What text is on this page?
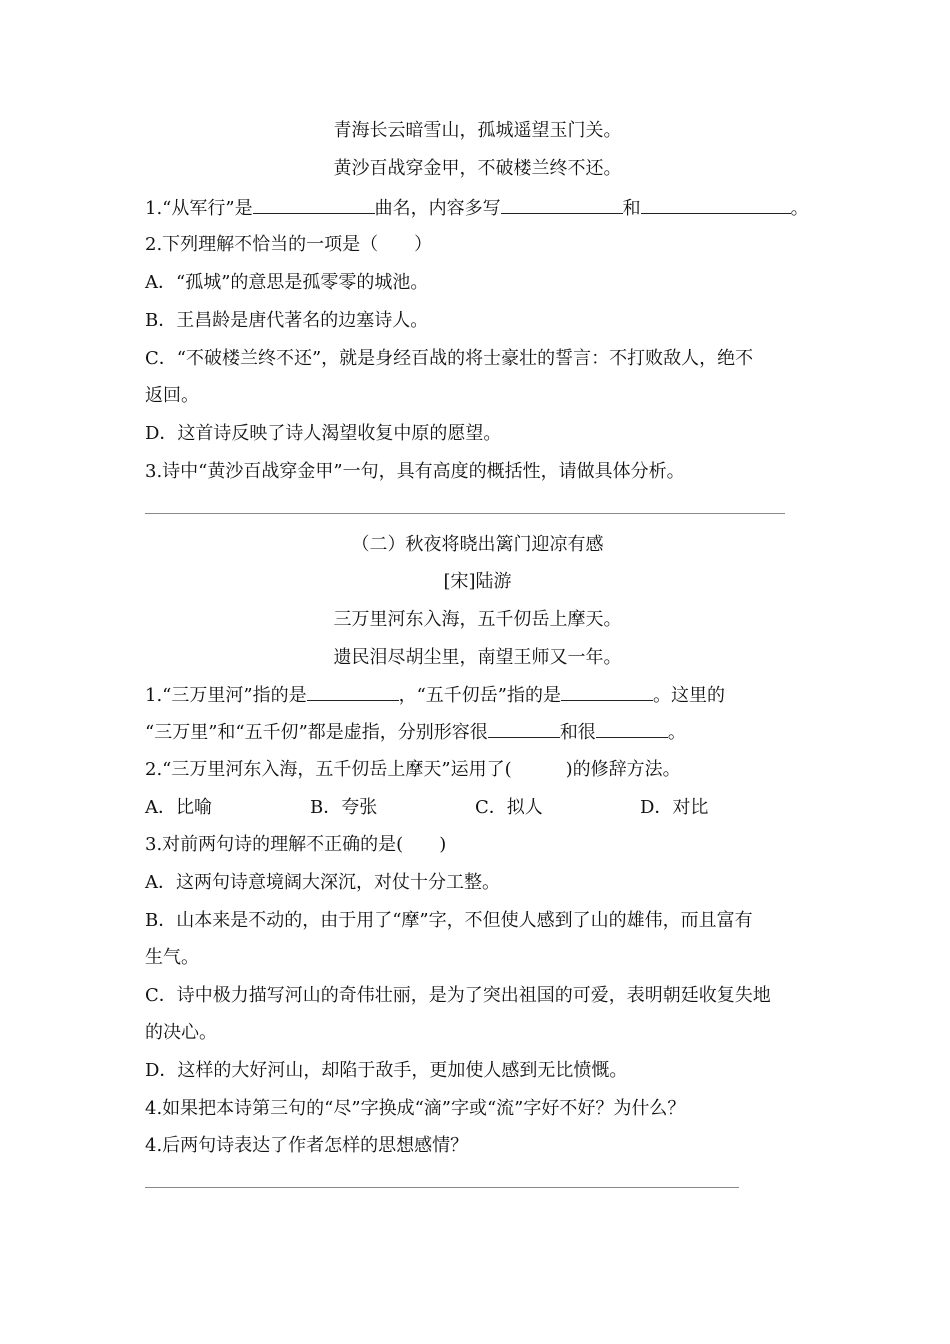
青海长云暗雪山，孤城遥望玉门关。
黄沙百战穿金甲，不破楼兰终不还。
1.“从军行”是	曲名，内容多写	和	。
2.下列理解不恰当的一项是（　　）
A．“孤城”的意思是孤零零的城池。
B．王昌龄是唐代著名的边塞诗人。
C．“不破楼兰终不还”，就是身经百战的将士豪壮的誓言：不打败敌人，绝不
返回。
D．这首诗反映了诗人渴望收复中原的愿望。
3.诗中“黄沙百战穿金甲”一句，具有高度的概括性，请做具体分析。
（二）秋夜将晓出篱门迎凉有感
[宋]陆游
三万里河东入海，五千仞岳上摩天。
遗民泪尽胡尘里，南望王师又一年。
1.“三万里河”指的是	，“五千仞岳”指的是	。这里的
“三万里”和“五千仞”都是虚指，分别形容很	和很	。
2.“三万里河东入海，五千仞岳上摩天”运用了(　　　)的修辞方法。
A．比喻	B．夸张	C．拟人	D．对比
3.对前两句诗的理解不正确的是(　　)
A．这两句诗意境阔大深沉，对仗十分工整。
B．山本来是不动的，由于用了“摩”字，不但使人感到了山的雄伟，而且富有
生气。
C．诗中极力描写河山的奇伟壮丽，是为了突出祖国的可爱，表明朝廷收复失地
的决心。
D．这样的大好河山，却陷于敌手，更加使人感到无比愤慨。
4.如果把本诗第三句的“尽”字换成“滴”字或“流”字好不好？为什么？
4.后两句诗表达了作者怎样的思想感情？
